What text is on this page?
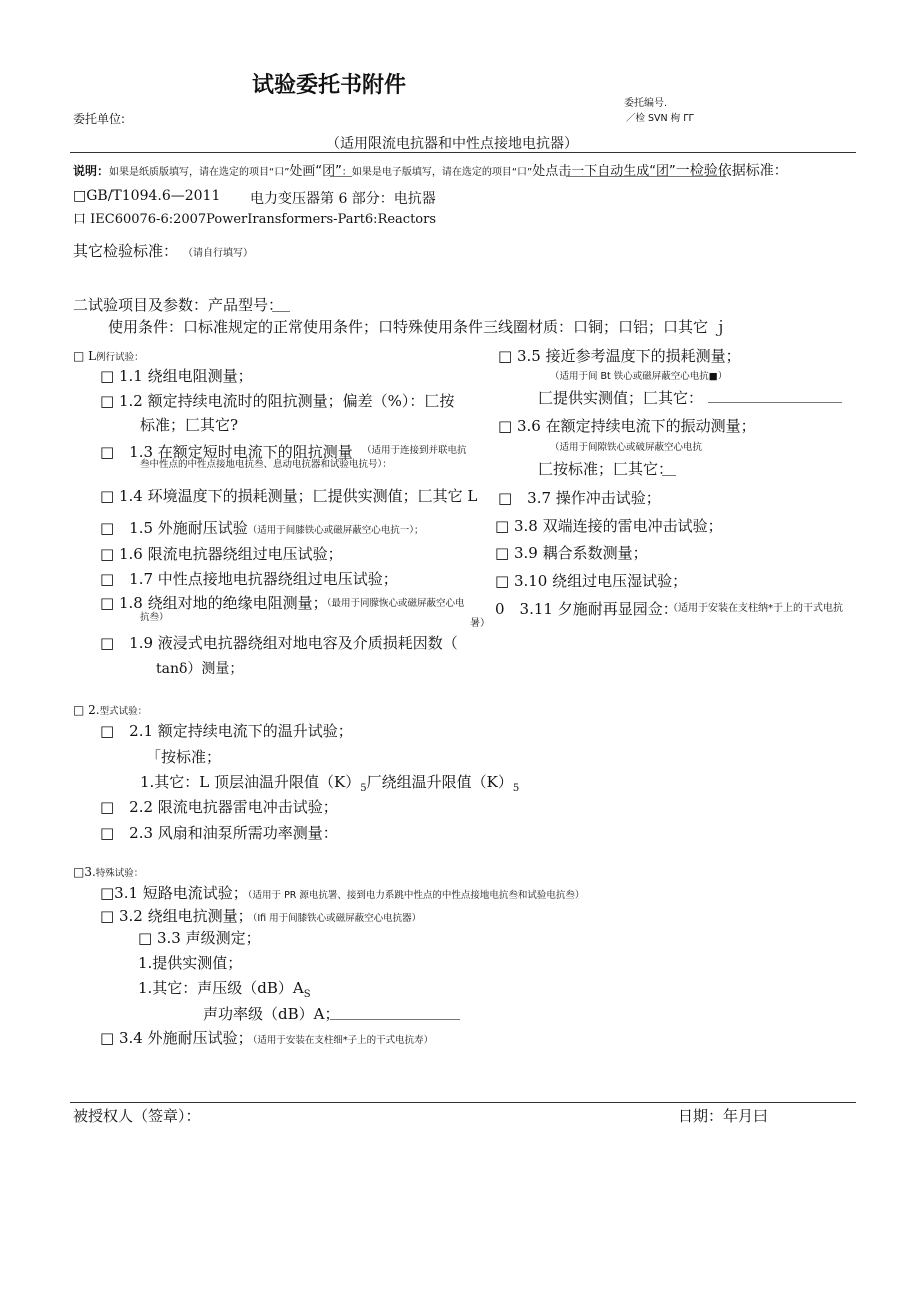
试验委托书附件
委托单位:
委托编号.
／检 SVN 枸 ΓΓ
（适用限流电抗器和中性点接地电抗器）
说明：如果是纸质版填写，请在选定的项目“口”处画“团”：如果是电子版填写，请在选定的项目“口”处点击一下自动生成“团”一检验依据标准：
□GB/T1094.6—2011 电力变压器第 6 部分：电抗器
口 IEC60076-6:2007PowerIransformers-Part6:Reactors
其它检验标准： （请自行填写）
二试验项目及参数：产品型号：
使用条件：口标准规定的正常使用条件；口特殊使用条件三线圈材质：口铜；口铝；口其它 ｊ
□ L例行试验：
□ 1.1 绕组电阻测量；
□ 1.2 额定持续电流时的阻抗测量；偏差（%）：匚按
标准；匚其它?
□　1.3 在额定短时电流下的阻抗测量 （适用于连接到并联电抗叁中性点的中性点接地电抗叁、息动电抗器和试验电抗号）：
□ 1.4 环境温度下的损耗测量；匚提供实测值；匚其它 L
□　1.5 外施耐压试验（适用于间膝铁心或磁屏蔽空心电抗一）；
□ 1.6 限流电抗器绕组过电压试验；
□　1.7 中性点接地电抗器绕组过电压试验；
□ 1.8 绕组对地的绝缘电阻测量；
（最用于同朦恢心或磁屏蔽空心电抗叁）
□　1.9 液浸式电抗器绕组对地电容及介质损耗因数（
tanδ）测量；
□ 3.5 接近参考温度下的损耗测量；
（适用于间 Bt 铁心或磁屏蔽空心电抗■）
匚提供实测值；匚其它：
□ 3.6 在额定持续电流下的振动测量；
（适用于间隙铁心或破屏蔽空心电抗
匚按标准；匚其它：
□　3.7 操作冲击试验；
□ 3.8 双端连接的雷电冲击试验；
□ 3.9 耦合系数测量；
□ 3.10 绕组过电压湿试验；
0　3.11 夕施耐再显园佥：
（适用于安装在支柱纳*于上的干式电抗暑）
□ 2.型式试验：
□　2.1 额定持续电流下的温升试验；
「按标准；
1.其它：L 顶层油温升限值$(K)_5$厂绕组温升限值$(K)_5$
□　2.2 限流电抗器雷电冲击试验；
□　2.3 风扇和油泵所需功率测量：
□3.特殊试验：
□3.1 短路电流试验；（适用于 PR 源电抗署、接到电力系跳中性点的中性点接地电抗叁和试验电抗叁）
□ 3.2 绕组电抗测量；（Ifi 用于间膝铁心或磁屏蔽空心电抗器）
□ 3.3 声级测定；
1.提供实测值；
1.其它：声压级$(dB)A_S$
声功率级（dB）A；
□ 3.4 外施耐压试验；（适用于安装在支柱细*子上的干式电抗寿）
被授权人（签章）：	日期：年月曰
